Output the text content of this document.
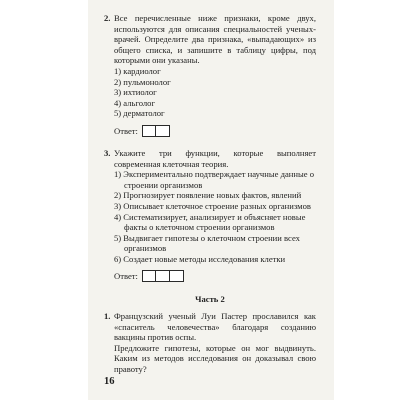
2. Все перечисленные ниже признаки, кроме двух, используются для описания специальностей ученых-врачей. Определите два признака, «выпадающих» из общего списка, и запишите в таблицу цифры, под которыми они указаны.
1) кардиолог
2) пульмонолог
3) ихтиолог
4) альголог
5) дерматолог
Ответ:
3. Укажите три функции, которые выполняет современная клеточная теория.
1) Экспериментально подтверждает научные данные о строении организмов
2) Прогнозирует появление новых фактов, явлений
3) Описывает клеточное строение разных организмов
4) Систематизирует, анализирует и объясняет новые факты о клеточном строении организмов
5) Выдвигает гипотезы о клеточном строении всех организмов
6) Создает новые методы исследования клетки
Ответ:
Часть 2
1. Французский ученый Луи Пастер прославился как «спаситель человечества» благодаря созданию вакцины против оспы.
Предложите гипотезы, которые он мог выдвинуть. Каким из методов исследования он доказывал свою правоту?
16
